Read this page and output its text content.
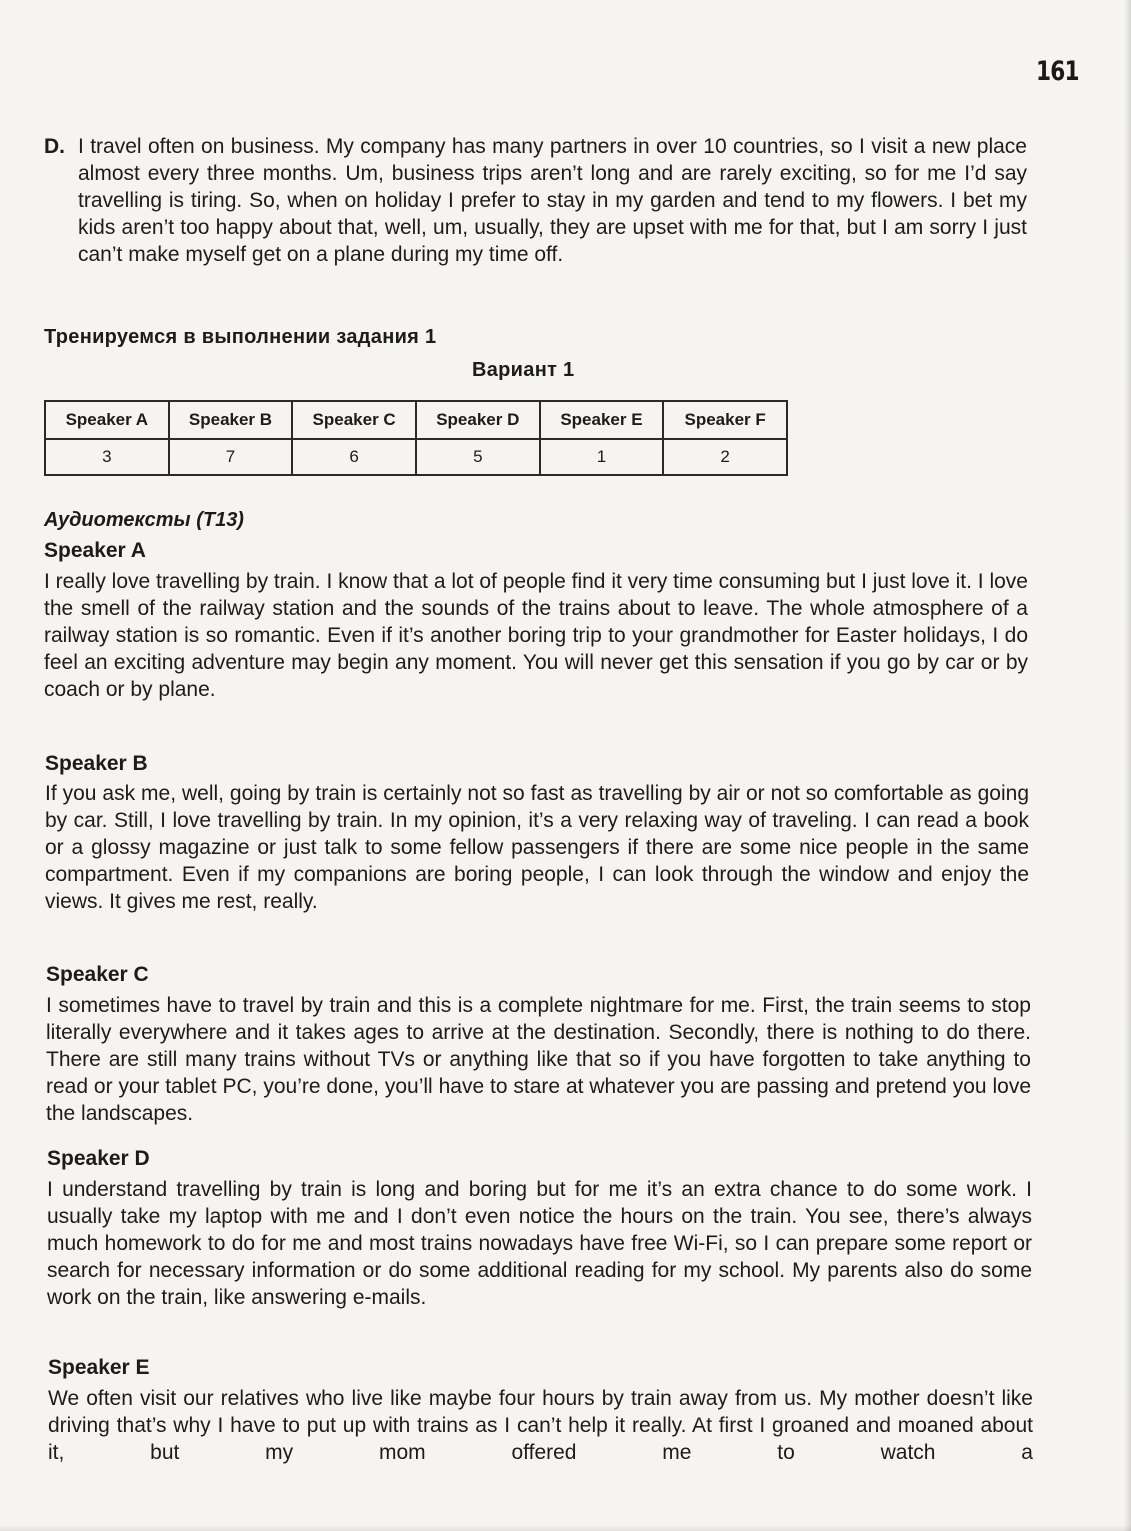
161
D. I travel often on business. My company has many partners in over 10 countries, so I visit a new place almost every three months. Um, business trips aren’t long and are rarely exciting, so for me I’d say travelling is tiring. So, when on holiday I prefer to stay in my garden and tend to my flowers. I bet my kids aren’t too happy about that, well, um, usually, they are upset with me for that, but I am sorry I just can’t make myself get on a plane during my time off.

Тренируемся в выполнении задания 1
Вариант 1
Speaker A	Speaker B	Speaker C	Speaker D	Speaker E	Speaker F
3	7	6	5	1	2
Аудиотексты (T13)
Speaker A

I really love travelling by train. I know that a lot of people find it very time consuming but I just love it. I love the smell of the railway station and the sounds of the trains about to leave. The whole atmosphere of a railway station is so romantic. Even if it’s another boring trip to your grandmother for Easter holidays, I do feel an exciting adventure may begin any moment. You will never get this sensation if you go by car or by coach or by plane.

Speaker B

If you ask me, well, going by train is certainly not so fast as travelling by air or not so comfortable as going by car. Still, I love travelling by train. In my opinion, it’s a very relaxing way of traveling. I can read a book or a glossy magazine or just talk to some fellow passengers if there are some nice people in the same compartment. Even if my companions are boring people, I can look through the window and enjoy the views. It gives me rest, really.

Speaker C

I sometimes have to travel by train and this is a complete nightmare for me. First, the train seems to stop literally everywhere and it takes ages to arrive at the destination. Secondly, there is nothing to do there. There are still many trains without TVs or anything like that so if you have forgotten to take anything to read or your tablet PC, you’re done, you’ll have to stare at whatever you are passing and pretend you love the landscapes.

Speaker D

I understand travelling by train is long and boring but for me it’s an extra chance to do some work. I usually take my laptop with me and I don’t even notice the hours on the train. You see, there’s always much homework to do for me and most trains nowadays have free Wi-Fi, so I can prepare some report or search for necessary information or do some additional reading for my school. My parents also do some work on the train, like answering e-mails.

Speaker E

We often visit our relatives who live like maybe four hours by train away from us. My mother doesn’t like driving that’s why I have to put up with trains as I can’t help it really. At first I groaned and moaned about it, but my mom offered me to watch a
